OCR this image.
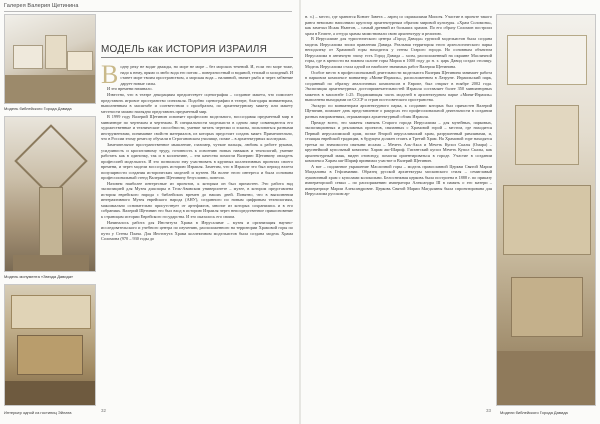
Галерея Валерия Щетинина
Модель библейского Города Давида
Модель монумента «Звезда Давида»
Интерьер одной из гостиниц Эйлата	Модели библейского Города Давида
МОДЕЛЬ как ИСТОРИЯ ИЗРАИЛЯ

Водну реку не водят дважды, но море не море – без морских течений. И, если это море тоже, надо к нему, прямо и любо вода его потом – поверхностный и водяной, теплый и холодный. И станет море твоим пространством, а морская вода – наливной, значит рыба и через забвение дарует новые силы.

И это времени начинало.

Известно, что в театре декорациям предшествует сценография – создание макета, что помогает представить игровое пространство спектакля. Подобно сценографии в театре, благодаря миниатюрам, выполненным в масштабе и соответствии с прообразом, по архитектурному макету или макету местности можно наглядно представить предметный мир.

В 1999 году Валерий Щетинин освоняет профессию модельного, воссоздавая предметный мир в миниатюре по чертежам и чертежам. В специальности модельиста в одном лице совмещаются его художественные и технические способности, умение читать чертежи и эскизы, пользоваться разными инструментами, понимание свойств материалов, из которых предстоит создать макет. Примечательно, что в России этому ремеслу обучали в Строгановском училище, позже – в архитектурных колледжах.

Замечательное пространственное мышление, глазомер, чуткие пальцы, любовь к работе руками, усидчивость и кропотливому труду, готовность к освоению новых навыков и технологий, умение работать как в одиночку, так и в коллективе, – эти качества помогли Валерию Щетинину овладеть профессией модельиста. И это позволило ему участвовать в крупных коллективных проектах своего времени, и через модели воссоздать историю Израиля. Заметим, что в Израиле это был период взлета популярности создания исторических моделей и музеев. На волне этого интереса и была основана профессиональный стенд Валерию Щетинину безусловно, повезло.

Назовем наиболее интересные из проектов, к которым он был причастен. Это работа над экспозицией для Музея диаспоры в Тель-Авивском университете – музее, в котором представлена история еврейского народа с библейских времен до наших дней. Понятно, что в выполнении интерактивного Музея еврейского народа (АНУ), созданного по новым цифровым технологиям, максимально основательно присутствует от артефактов, многие из которых сохранились и в его собраниях. Валерий Щетинин это был вход в историю Израиля через непосредственное прикосновение к страницам истории Еврейского государства. И это оказалось его своим.

Начиналось работа для Института Храма в Иерусалиме – музея и организация научно-исследовательского и учебного центра по изучению, расположенного на территории Храмовой горы по пути у Стены Плача. Для Института Храма коллективом модельистов была создана модель Храма Соломона (970 – 930 годы до

н. э.) – место, где хранится Ковчег Завета – ларец со скрижалями Моисея. Участие в проекте такого ранга невольно наполнило кругозор архитектурным образом мировой культуры. «Храм Соломона», как замечал Исаак Ньютон, – самый древний из больших храмов. По его образу Соломон построил храм в Египте, а оттуда храмы заимствовали свою архитектуру и религию.

В Иерусалиме для туристического центра «Город Давида» группой модельистов была создана модель Иерусалима эпохи правления Давида. Реальная территория этого археологического парка неподалеку от Храмовой горы находится у стены Старого города. Но основным объектом Иерусалима в античную эпоху есть Город Давида – холм, расположенный на окраине Масличной горы, где в крепости на южном склоне горы Мориа в 1000 году до н. э. царь Давид создал столицу. Модель Иерусалима стала одной из наиболее значимых работ Валерия Щетинина.

Особое место в профессиональной деятельности модельиста Валерия Щетинина занимает работа в парковом комплексе миниатюр «Мини-Израиль», расположенном в Латруне. Израильский парк, созданный по образцу аналогичных комплексов в Европе, был открыт в ноябре 2002 года. Экспозиция архитектурных достопримечательностей Израиля составляет более 350 миниатюрных макетов в масштабе 1:25. Подавляющая часть моделей в архитектурном парке «Мини-Израиль» выполнена выходцами из СССР и стран постсоветского пространства.

Экскурс по миниатюрам архитектурного парка, к созданию которых был причастен Валерий Щетинин, поможет дать представление о ракурсах его профессиональной деятельности в создании разных направлениях, отражающих архитектурный облик Израиля.

Прежде всего, это макеты святынь Старого города Иерусалима – для музейных, парковых, экспозиционных и рекламных проектов, связанных с Храмовой горой – местом, где находится Первый иерусалимский храм, позже Второй иерусалимский храм, разрушенный римлянами, и, стоящая еврейской традиции, в будущем должен стоять и Третий Храм. На Храмовой горе находятся третьи по значимости святыни ислама – Мечеть Аль-Акса и Мечеть Купол Скалы (Омара) – крупнейший купольный комплекс Харам аш-Шариф. Гигантский купол Мечеть Купол Скалы, как архитектурный маяк, виден отовсюду, помогая ориентироваться в городе. Участие в создании комплекса Харам аш-Шариф принимал участие и Валерий Щетинин.

А вот – подлинное украшение Масличной горы – модель православной Церкви Святой Марии Магдалины в Гефсимании. Образец русской архитектуры московского стиля – семиглавый луковичный храм с куполами колокольни. Белоснежная церковь была построена в 1888 г. по приказу императорской семьи – по распоряжению императора Александра III в память о его матери – императрице Марии Александровне. Церковь Святой Марии Магдалины была спроектирована для Иерусалима русским ар-

32	33
